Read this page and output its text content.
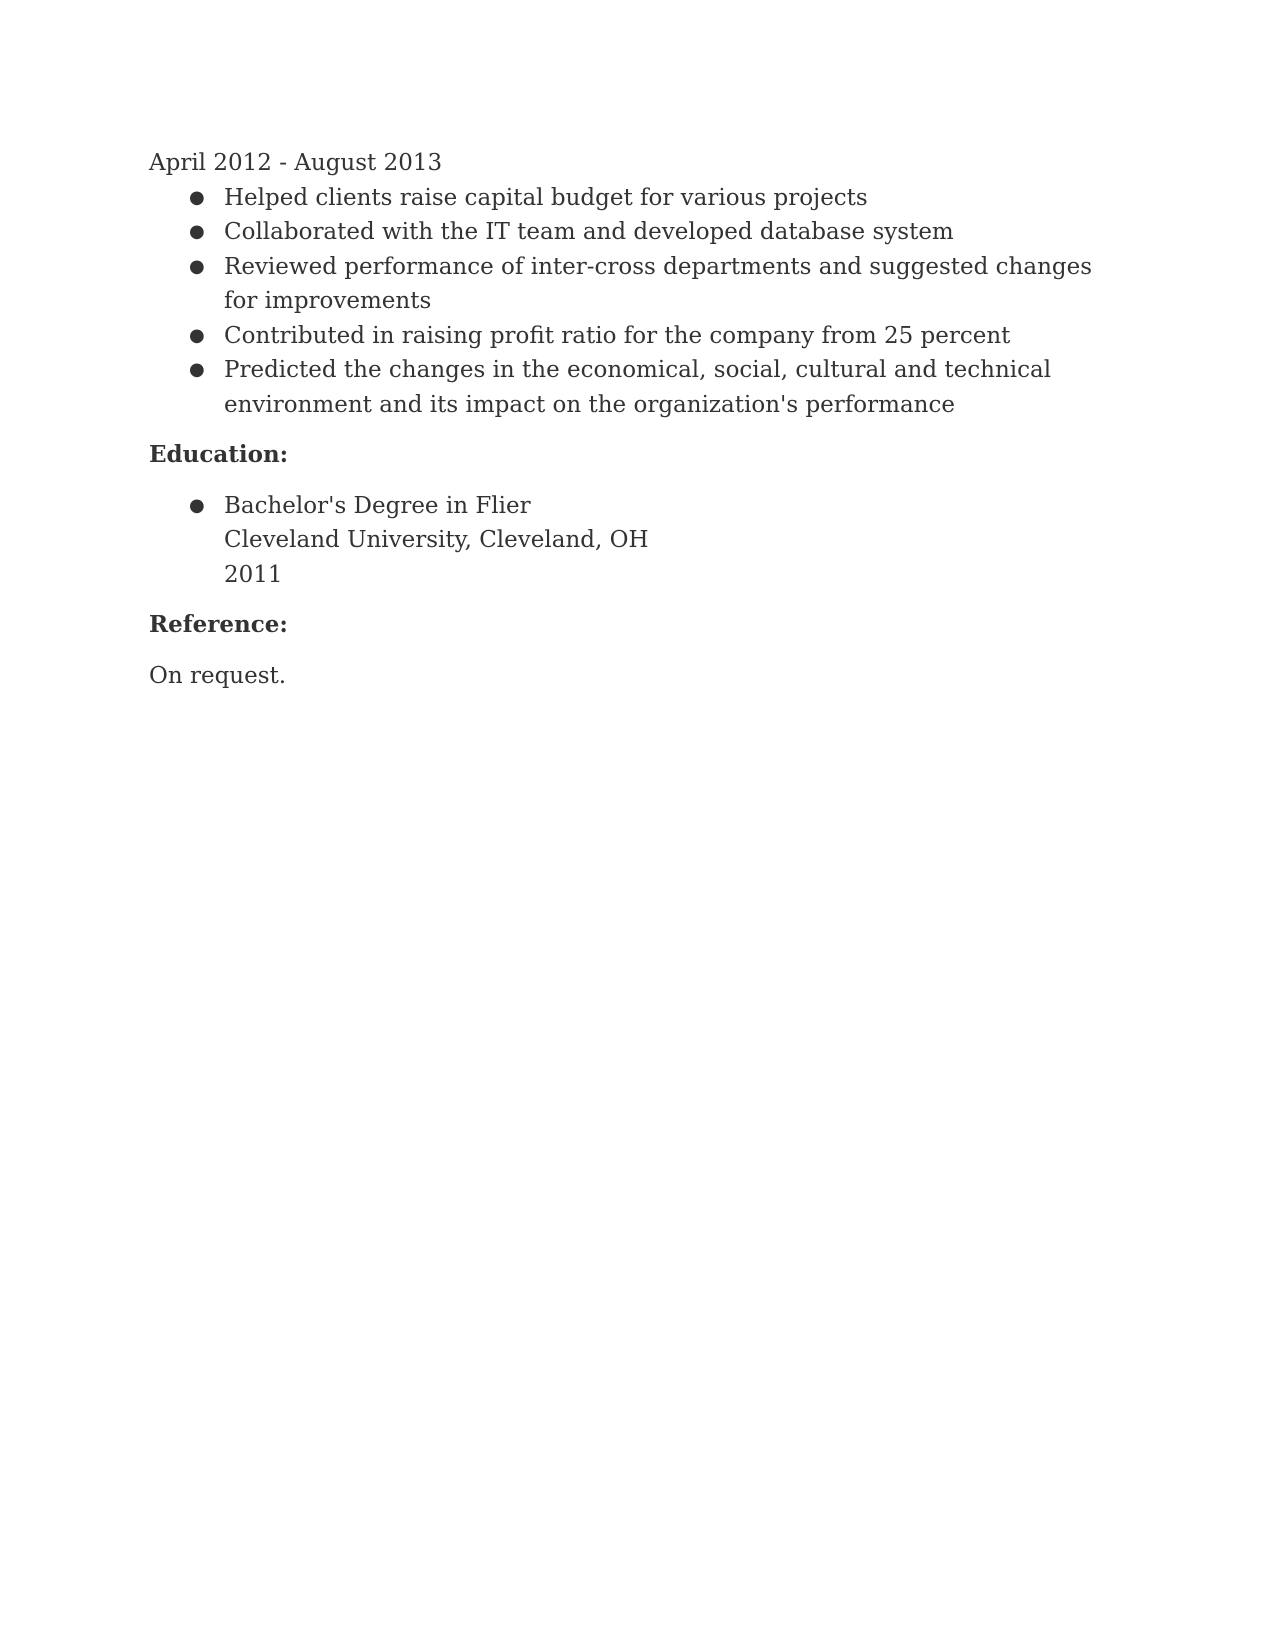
April 2012 - August 2013

● Helped clients raise capital budget for various projects
● Collaborated with the IT team and developed database system
● Reviewed performance of inter-cross departments and suggested changes for improvements
● Contributed in raising profit ratio for the company from 25 percent
● Predicted the changes in the economical, social, cultural and technical environment and its impact on the organization's performance
Education:
● Bachelor's Degree in Flier
Cleveland University, Cleveland, OH
2011
Reference:

On request.
